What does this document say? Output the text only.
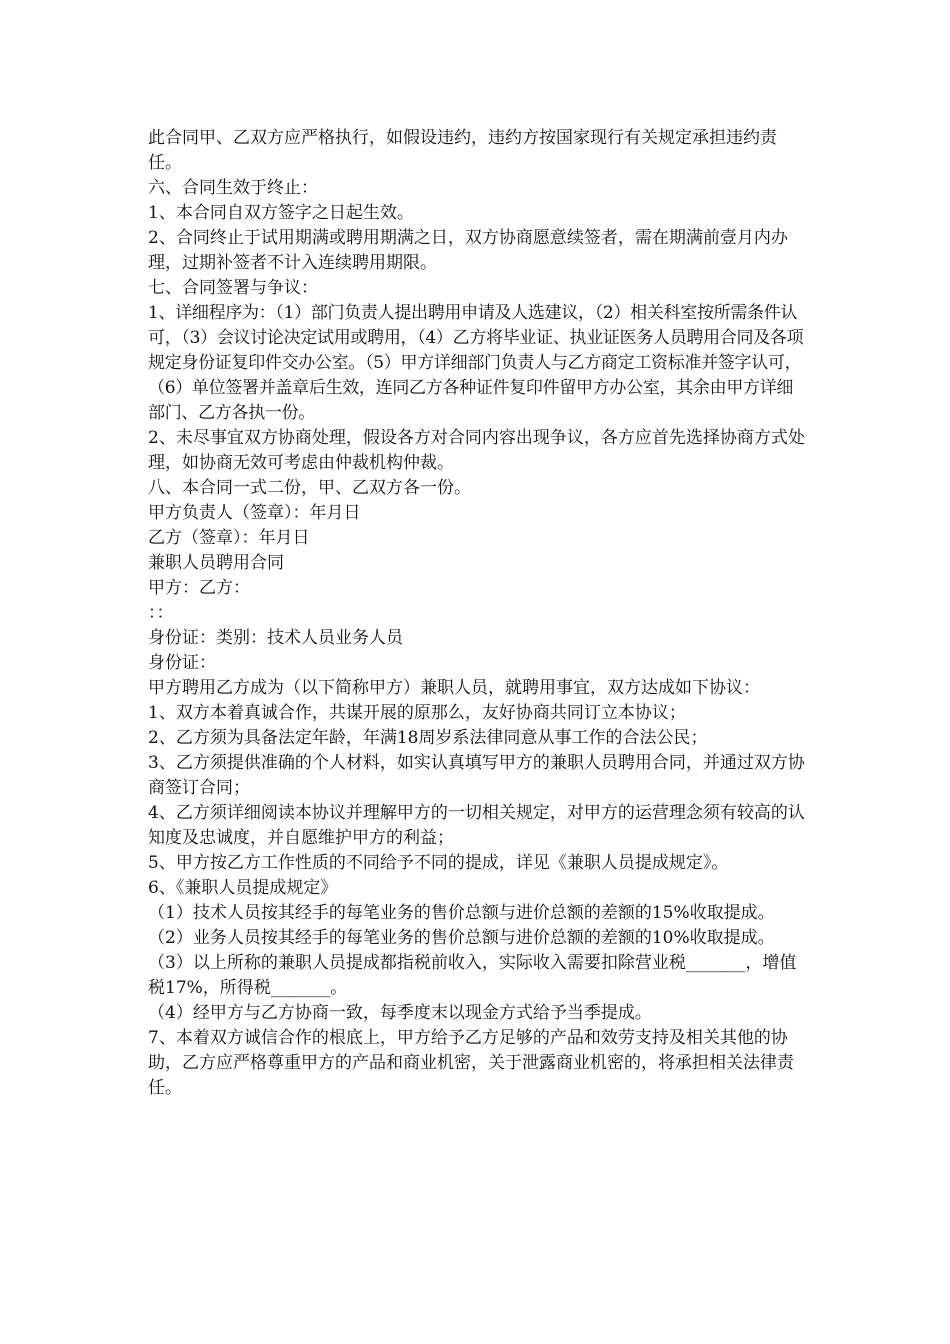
此合同甲、乙双方应严格执行，如假设违约，违约方按国家现行有关规定承担违约责任。

六、合同生效于终止：

1、本合同自双方签字之日起生效。

2、合同终止于试用期满或聘用期满之日，双方协商愿意续签者，需在期满前壹月内办理，过期补签者不计入连续聘用期限。

七、合同签署与争议：

1、详细程序为：（1）部门负责人提出聘用申请及人选建议，（2）相关科室按所需条件认可，（3）会议讨论决定试用或聘用，（4）乙方将毕业证、执业证医务人员聘用合同及各项规定身份证复印件交办公室。（5）甲方详细部门负责人与乙方商定工资标准并签字认可，（6）单位签署并盖章后生效，连同乙方各种证件复印件留甲方办公室，其余由甲方详细部门、乙方各执一份。

2、未尽事宜双方协商处理，假设各方对合同内容出现争议，各方应首先选择协商方式处理，如协商无效可考虑由仲裁机构仲裁。

八、本合同一式二份，甲、乙双方各一份。

甲方负责人（签章）：年月日

乙方（签章）：年月日

兼职人员聘用合同

甲方：乙方：

：：

身份证：类别：技术人员业务人员

身份证：

甲方聘用乙方成为（以下简称甲方）兼职人员，就聘用事宜，双方达成如下协议：

1、双方本着真诚合作，共谋开展的原那么，友好协商共同订立本协议；

2、乙方须为具备法定年龄，年满18周岁系法律同意从事工作的合法公民；

3、乙方须提供准确的个人材料，如实认真填写甲方的兼职人员聘用合同，并通过双方协商签订合同；

4、乙方须详细阅读本协议并理解甲方的一切相关规定，对甲方的运营理念须有较高的认知度及忠诚度，并自愿维护甲方的利益；

5、甲方按乙方工作性质的不同给予不同的提成，详见《兼职人员提成规定》。

6、《兼职人员提成规定》

（1）技术人员按其经手的每笔业务的售价总额与进价总额的差额的15%收取提成。

（2）业务人员按其经手的每笔业务的售价总额与进价总额的差额的10%收取提成。

（3）以上所称的兼职人员提成都指税前收入，实际收入需要扣除营业税_______，增值税17%，所得税_______。

（4）经甲方与乙方协商一致，每季度末以现金方式给予当季提成。

7、本着双方诚信合作的根底上，甲方给予乙方足够的产品和效劳支持及相关其他的协助，乙方应严格尊重甲方的产品和商业机密，关于泄露商业机密的，将承担相关法律责任。
